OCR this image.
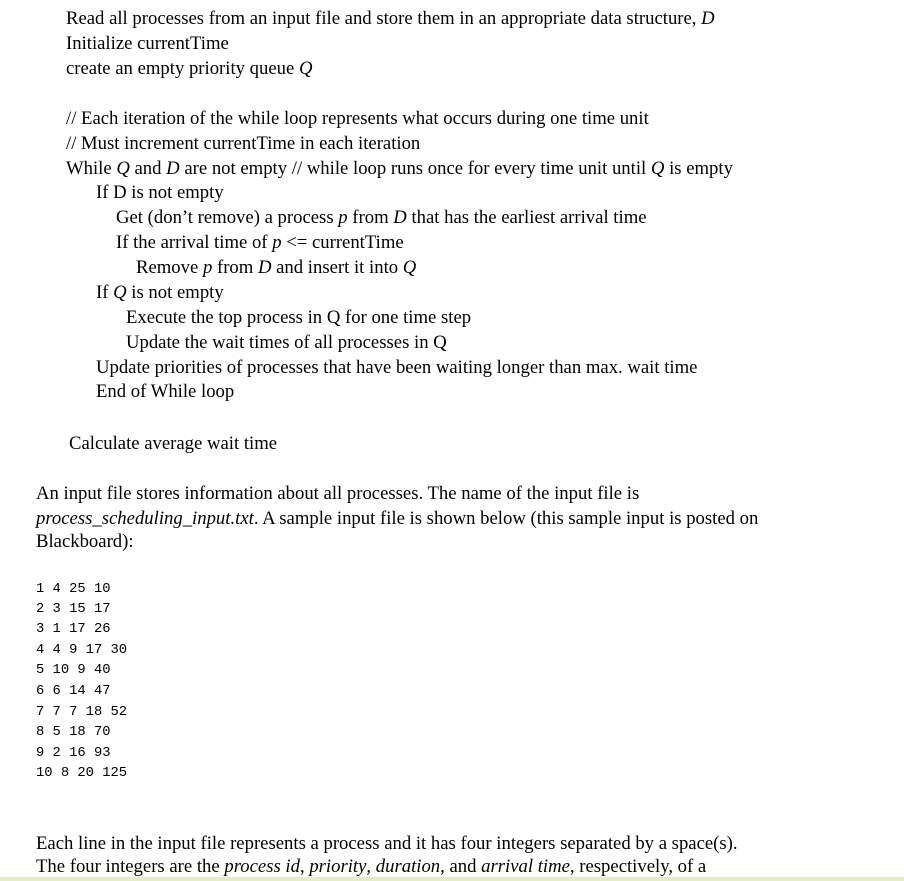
Read all processes from an input file and store them in an appropriate data structure, D
Initialize currentTime
create an empty priority queue Q
// Each iteration of the while loop represents what occurs during one time unit
// Must increment currentTime in each iteration
While Q and D are not empty // while loop runs once for every time unit until Q is empty
If D is not empty
Get (don’t remove) a process p from D that has the earliest arrival time
If the arrival time of p <= currentTime
Remove p from D and insert it into Q
If Q is not empty
Execute the top process in Q for one time step
Update the wait times of all processes in Q
Update priorities of processes that have been waiting longer than max. wait time
End of While loop
Calculate average wait time
An input file stores information about all processes. The name of the input file is
process_scheduling_input.txt. A sample input file is shown below (this sample input is posted on
Blackboard):
1 4 25 10
2 3 15 17
3 1 17 26
4 4 9 17 30
5 10 9 40
6 6 14 47
7 7 7 18 52
8 5 18 70
9 2 16 93
10 8 20 125
Each line in the input file represents a process and it has four integers separated by a space(s).
The four integers are the process id, priority, duration, and arrival time, respectively, of a
